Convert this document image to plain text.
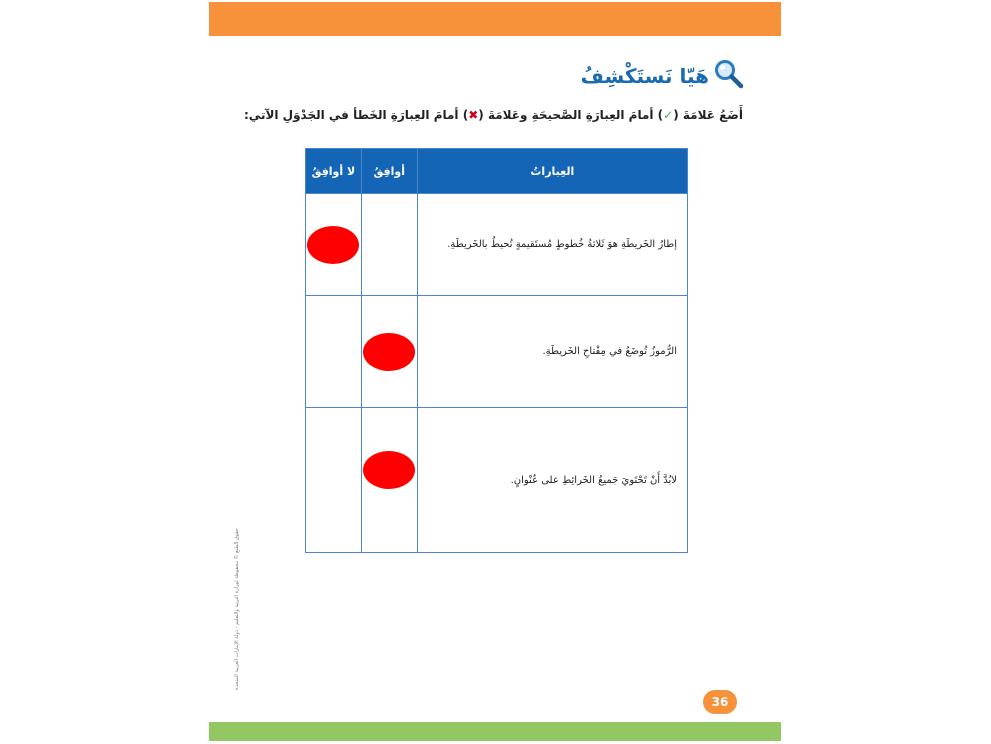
هَيّا نَستَكْشِفُ
أَضَعُ عَلامَةَ (✓) أمامَ العِبارَةِ الصَّحيحَةِ وعَلامَةَ (✖) أمامَ العِبارَةِ الخَطأ في الجَدْوَلِ الآتي:
العِباراتُ	أوافِقُ	لا أوافِقُ

إطارُ الخَريطَةِ هوَ ثَلاثةُ خُطوطٍ مُستَقيمةٍ تُحيطُ بالخَريطَةِ.		

الرُّموزُ تُوضَعُ في مِفْتاحِ الخَريطَةِ.		

لابُدَّ أَنْ تَحْتَويَ جَميعُ الخَرائِطِ على عُنْوانٍ.		

حقوق الطبع © محفوظة لوزارة التربية والتعليم - دولة الإمارات العربية المتحدة
36
